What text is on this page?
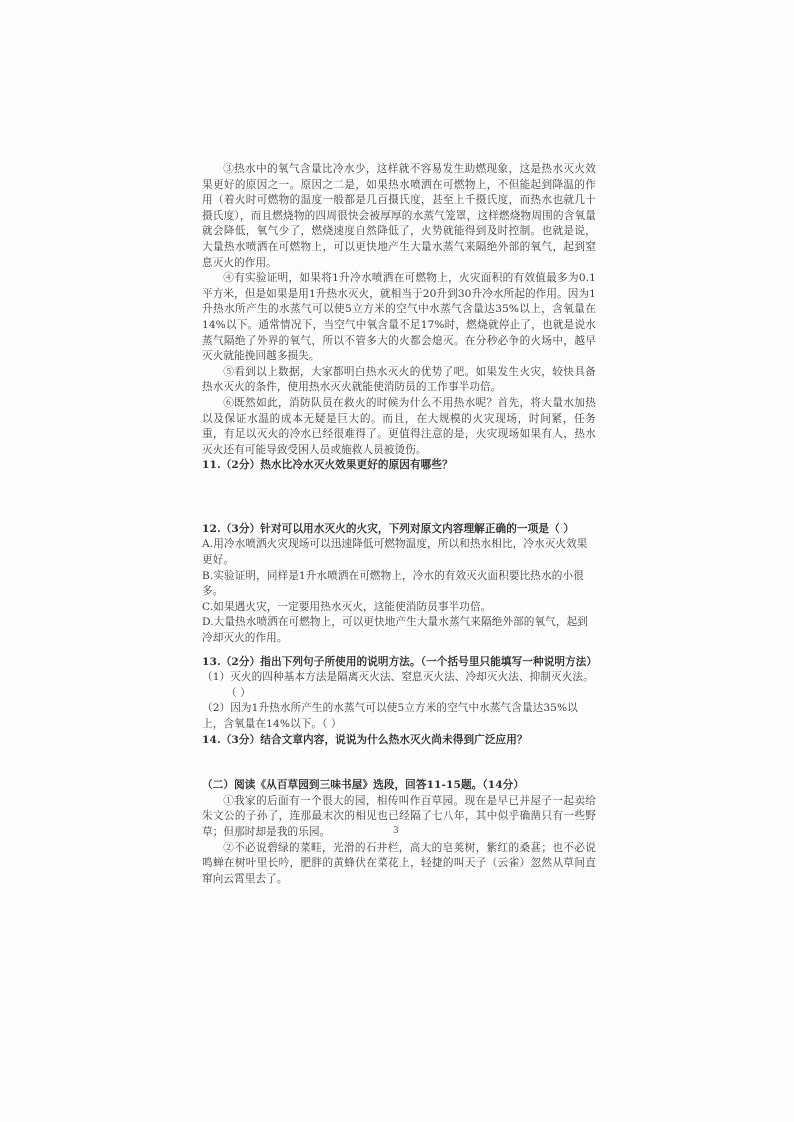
③热水中的氧气含量比冷水少，这样就不容易发生助燃现象，这是热水灭火效果更好的原因之一。原因之二是，如果热水喷洒在可燃物上，不但能起到降温的作用（着火时可燃物的温度一般都是几百摄氏度，甚至上千摄氏度，而热水也就几十摄氏度），而且燃烧物的四周很快会被厚厚的水蒸气笼罩，这样燃烧物周围的含氧量就会降低，氧气少了，燃烧速度自然降低了，火势就能得到及时控制。也就是说，大量热水喷洒在可燃物上，可以更快地产生大量水蒸气来隔绝外部的氧气，起到窒息灭火的作用。

④有实验证明，如果将1升冷水喷洒在可燃物上，火灾面积的有效值最多为0.1平方米，但是如果是用1升热水灭火，就相当于20升到30升冷水所起的作用。因为1升热水所产生的水蒸气可以使5立方米的空气中水蒸气含量达35%以上，含氧量在14%以下。通常情况下，当空气中氧含量不足17%时，燃烧就停止了，也就是说水蒸气隔绝了外界的氧气，所以不管多大的火都会熄灭。在分秒必争的火场中，越早灭火就能挽回越多损失。

⑤看到以上数据，大家都明白热水灭火的优势了吧。如果发生火灾，较快具备热水灭火的条件，使用热水灭火就能使消防员的工作事半功倍。

⑥既然如此，消防队员在救火的时候为什么不用热水呢？首先，将大量水加热以及保证水温的成本无疑是巨大的。而且，在大规模的火灾现场，时间紧，任务重，有足以灭火的冷水已经很难得了。更值得注意的是，火灾现场如果有人，热水灭火还有可能导致受困人员或施救人员被烫伤。

11.（2分）热水比冷水灭火效果更好的原因有哪些？

12.（3分）针对可以用水灭火的火灾，下列对原文内容理解正确的一项是（ ）

A.用冷水喷洒火灾现场可以迅速降低可燃物温度，所以和热水相比，冷水灭火效果更好。

B.实验证明，同样是1升水喷洒在可燃物上，冷水的有效灭火面积要比热水的小很多。

C.如果遇火灾，一定要用热水灭火，这能使消防员事半功倍。

D.大量热水喷洒在可燃物上，可以更快地产生大量水蒸气来隔绝外部的氧气，起到冷却灭火的作用。

13.（2分）指出下列句子所使用的说明方法。（一个括号里只能填写一种说明方法）

（1）灭火的四种基本方法是隔离灭火法、窒息灭火法、冷却灭火法、抑制灭火法。

（ ）

（2）因为1升热水所产生的水蒸气可以使5立方米的空气中水蒸气含量达35%以上，含氧量在14%以下。（ ）

14.（3分）结合文章内容，说说为什么热水灭火尚未得到广泛应用？

（二）阅读《从百草园到三味书屋》选段，回答11-15题。（14分）

①我家的后面有一个很大的园，相传叫作百草园。现在是早已并屋子一起卖给朱文公的子孙了，连那最末次的相见也已经隔了七八年，其中似乎确凿只有一些野草；但那时却是我的乐园。

②不必说碧绿的菜畦，光滑的石井栏，高大的皂荚树，紫红的桑葚；也不必说鸣蝉在树叶里长吟，肥胖的黄蜂伏在菜花上，轻捷的叫天子（云雀）忽然从草间直窜向云霄里去了。

3
